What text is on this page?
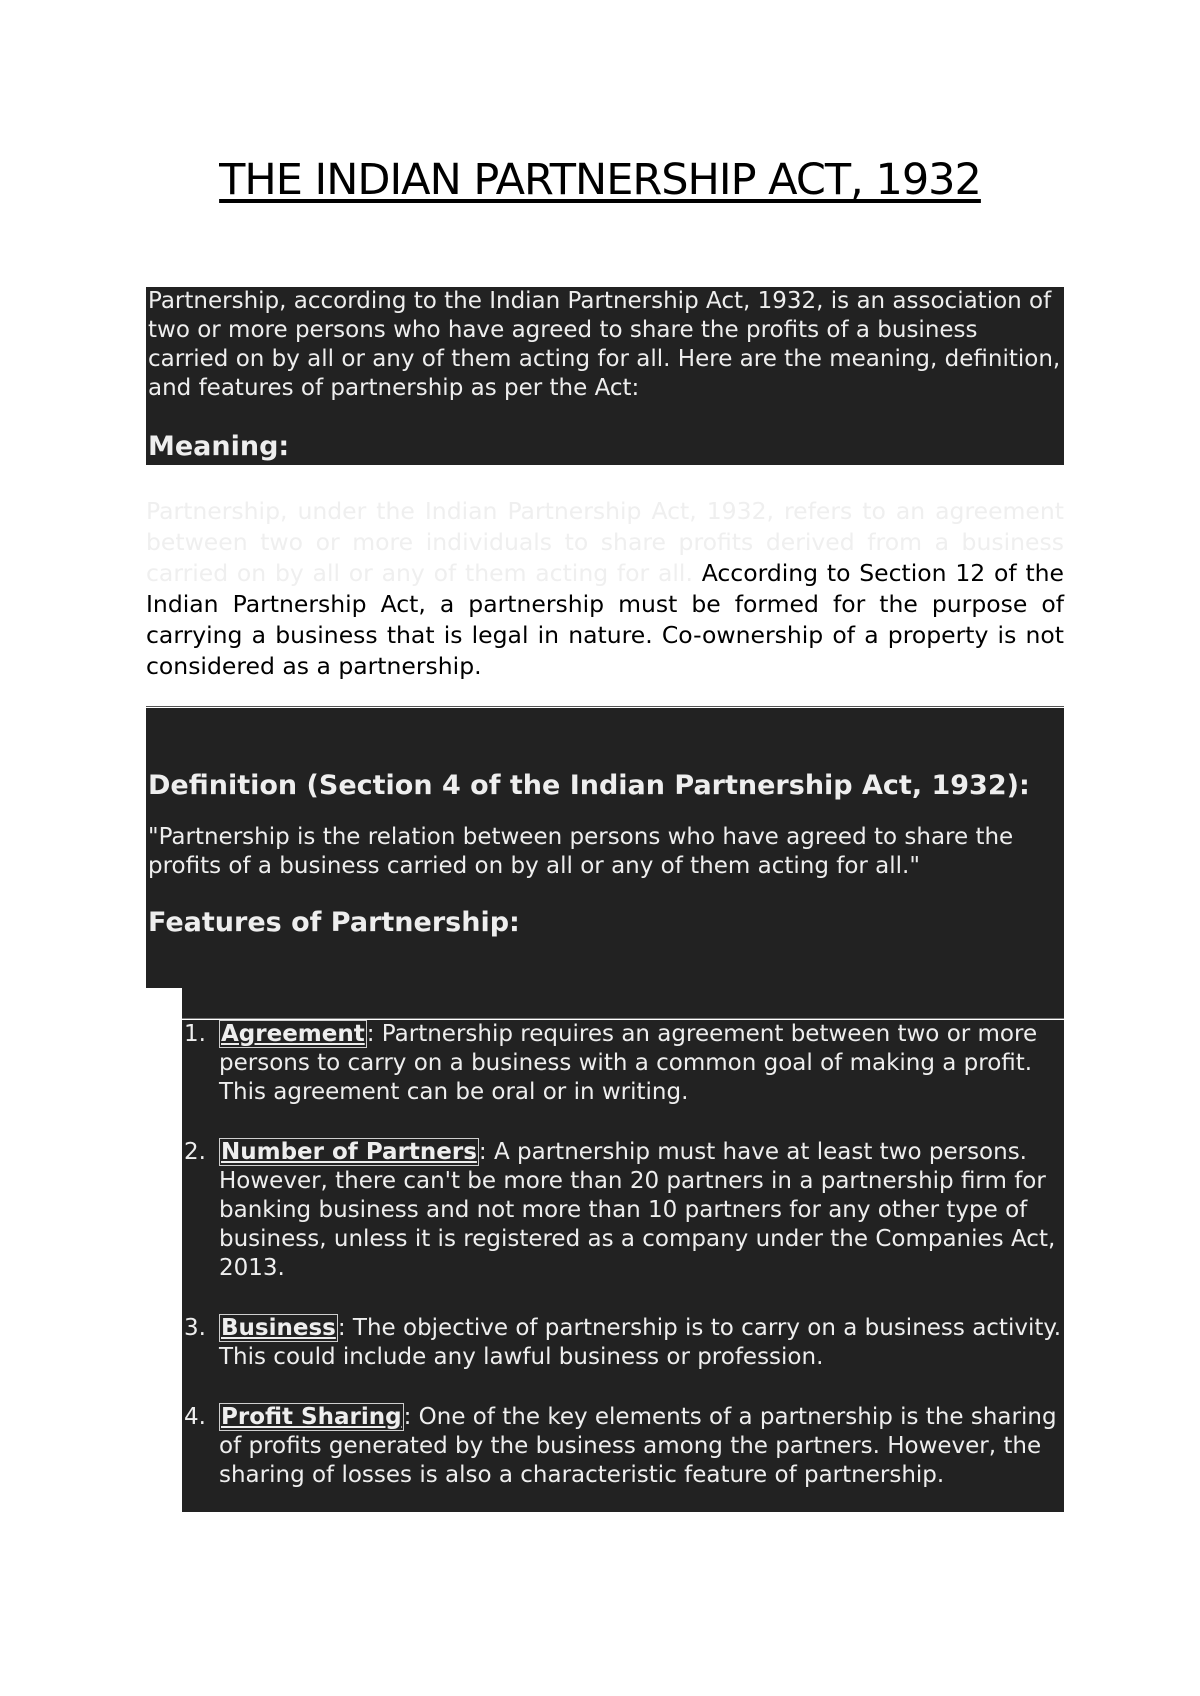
THE INDIAN PARTNERSHIP ACT, 1932

Partnership, according to the Indian Partnership Act, 1932, is an association of two or more persons who have agreed to share the profits of a business carried on by all or any of them acting for all. Here are the meaning, definition, and features of partnership as per the Act:

Meaning:

Partnership, under the Indian Partnership Act, 1932, refers to an agreement between two or more individuals to share profits derived from a business carried on by all or any of them acting for all. According to Section 12 of the Indian Partnership Act, a partnership must be formed for the purpose of carrying a business that is legal in nature. Co-ownership of a property is not considered as a partnership.

Definition (Section 4 of the Indian Partnership Act, 1932):

"Partnership is the relation between persons who have agreed to share the profits of a business carried on by all or any of them acting for all."

Features of Partnership:
1. Agreement: Partnership requires an agreement between two or more persons to carry on a business with a common goal of making a profit. This agreement can be oral or in writing.
2. Number of Partners: A partnership must have at least two persons. However, there can't be more than 20 partners in a partnership firm for banking business and not more than 10 partners for any other type of business, unless it is registered as a company under the Companies Act, 2013.
3. Business: The objective of partnership is to carry on a business activity. This could include any lawful business or profession.
4. Profit Sharing: One of the key elements of a partnership is the sharing of profits generated by the business among the partners. However, the sharing of losses is also a characteristic feature of partnership.
